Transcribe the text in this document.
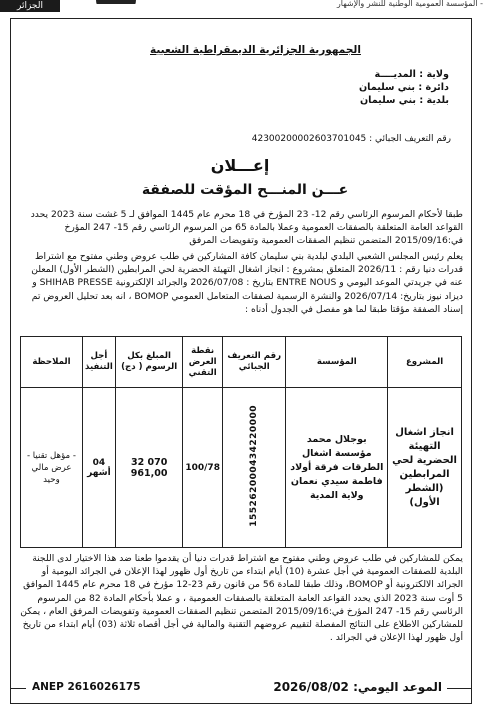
الجزائر	- المؤسسة العمومية الوطنية للنشر والإشهار
الجمهورية الجزائرية الديمقراطية الشعبية
ولاية : المديــــة
دائرة : بني سليمان
بلدية : بني سليمان
رقم التعريف الجبائي : 42300200002603701045
إعـــلان
عـــن المنـــح المؤقت للصفقة
طبقا لأحكام المرسوم الرئاسي رقم 12- 23 المؤرخ في 18 محرم عام 1445 الموافق لـ 5 غشت سنة 2023 يحدد القواعد العامة المتعلقة بالصفقات العمومية وعملا بالمادة 65 من المرسوم الرئاسي رقم 15- 247 المؤرخ في:2015/09/16 المتضمن تنظيم الصفقات العمومية وتفويضات المرفق
يعلم رئيس المجلس الشعبي البلدي لبلدية بني سليمان كافة المشاركين في طلب عروض وطني مفتوح مع اشتراط قدرات دنيا رقم : 2026/11 المتعلق بمشروع : انجاز اشغال التهيئة الحضرية لحي المرابطين (الشطر الأول) المعلن عنه في جريدتي الموعد اليومي و ENTRE NOUS بتاريخ : 2026/07/08 والجرائد الإلكترونية SHIHAB PRESSE و ديزاد نيوز بتاريخ: 2026/07/14 والنشرة الرسمية لصفقات المتعامل العمومي BOMOP ، انه بعد تحليل العروض تم إسناد الصفقة مؤقتا طبقا لما هو مفصل في الجدول أدناه :
المشروع	المؤسسة	رقم التعريف الجبائي	نقطة العرض التقني	المبلغ بكل الرسوم ( دج)	أجل التنفيذ	الملاحظة
انجاز اشغال التهيئة الحضرية لحي المرابطين (الشطر الأول)	بوجلال محمد مؤسسة اشغال الطرقات فرقة أولاد فاطمة سيدي نعمان ولاية المدية	155262000434220000	100/78	32 070 961,00	04 أشهر	- مؤهل تقنيا - عرض مالي وحيد
يمكن للمشاركين في طلب عروض وطني مفتوح مع اشتراط قدرات دنيا أن يقدموا طعنا ضد هذا الاختيار لدى اللجنة البلدية للصفقات العمومية في أجل عشرة (10) أيام ابتداء من تاريخ أول ظهور لهذا الإعلان في الجرائد اليومية أو الجرائد الالكترونية أو BOMOP، وذلك طبقا للمادة 56 من قانون رقم 23-12 مؤرخ في 18 محرم عام 1445 الموافق 5 أوت سنة 2023 الذي يحدد القواعد العامة المتعلقة بالصفقات العمومية ، و عملا بأحكام المادة 82 من المرسوم الرئاسي رقم 15- 247 المؤرخ في:2015/09/16 المتضمن تنظيم الصفقات العمومية وتفويضات المرفق العام ، يمكن للمشاركين الاطلاع على النتائج المفصلة لتقييم عروضهم التقنية والمالية في أجل أقصاه ثلاثة (03) أيام ابتداء من تاريخ أول ظهور لهذا الإعلان في الجرائد .
ANEP 2616026175	الموعد اليومي: 2026/08/02
